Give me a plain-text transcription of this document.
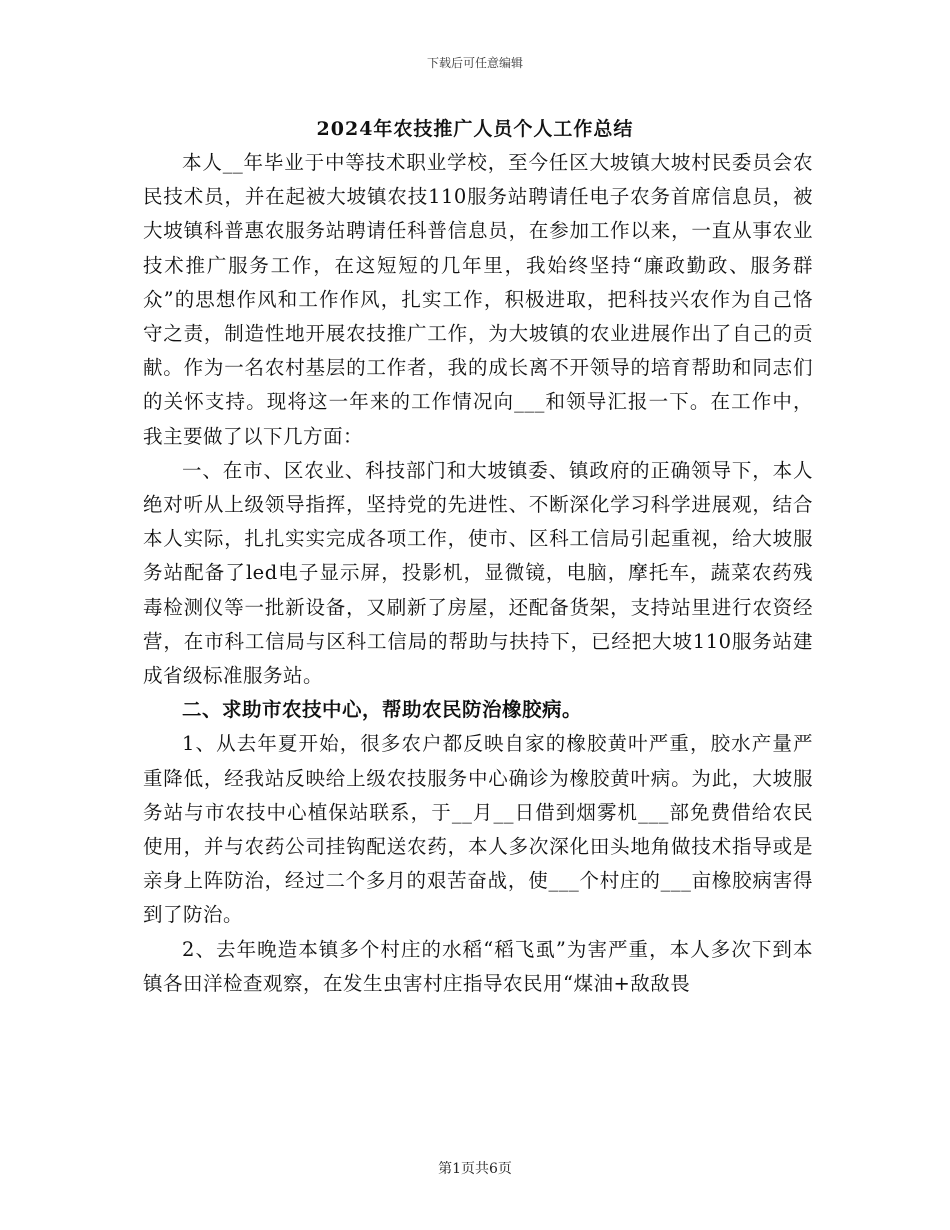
下载后可任意编辑
2024年农技推广人员个人工作总结

本人__年毕业于中等技术职业学校，至今任区大坡镇大坡村民委员会农民技术员，并在起被大坡镇农技110服务站聘请任电子农务首席信息员，被大坡镇科普惠农服务站聘请任科普信息员，在参加工作以来，一直从事农业技术推广服务工作，在这短短的几年里，我始终坚持“廉政勤政、服务群众”的思想作风和工作作风，扎实工作，积极进取，把科技兴农作为自己恪守之责，制造性地开展农技推广工作，为大坡镇的农业进展作出了自己的贡献。作为一名农村基层的工作者，我的成长离不开领导的培育帮助和同志们的关怀支持。现将这一年来的工作情况向___和领导汇报一下。在工作中，我主要做了以下几方面：

一、在市、区农业、科技部门和大坡镇委、镇政府的正确领导下，本人绝对听从上级领导指挥，坚持党的先进性、不断深化学习科学进展观，结合本人实际，扎扎实实完成各项工作，使市、区科工信局引起重视，给大坡服务站配备了led电子显示屏，投影机，显微镜，电脑，摩托车，蔬菜农药残毒检测仪等一批新设备，又刷新了房屋，还配备货架，支持站里进行农资经营，在市科工信局与区科工信局的帮助与扶持下，已经把大坡110服务站建成省级标准服务站。

二、求助市农技中心，帮助农民防治橡胶病。

1、从去年夏开始，很多农户都反映自家的橡胶黄叶严重，胶水产量严重降低，经我站反映给上级农技服务中心确诊为橡胶黄叶病。为此，大坡服务站与市农技中心植保站联系，于__月__日借到烟雾机___部免费借给农民使用，并与农药公司挂钩配送农药，本人多次深化田头地角做技术指导或是亲身上阵防治，经过二个多月的艰苦奋战，使___个村庄的___亩橡胶病害得到了防治。

2、去年晚造本镇多个村庄的水稻“稻飞虱”为害严重，本人多次下到本镇各田洋检查观察，在发生虫害村庄指导农民用“煤油+敌敌畏

第1页共6页
